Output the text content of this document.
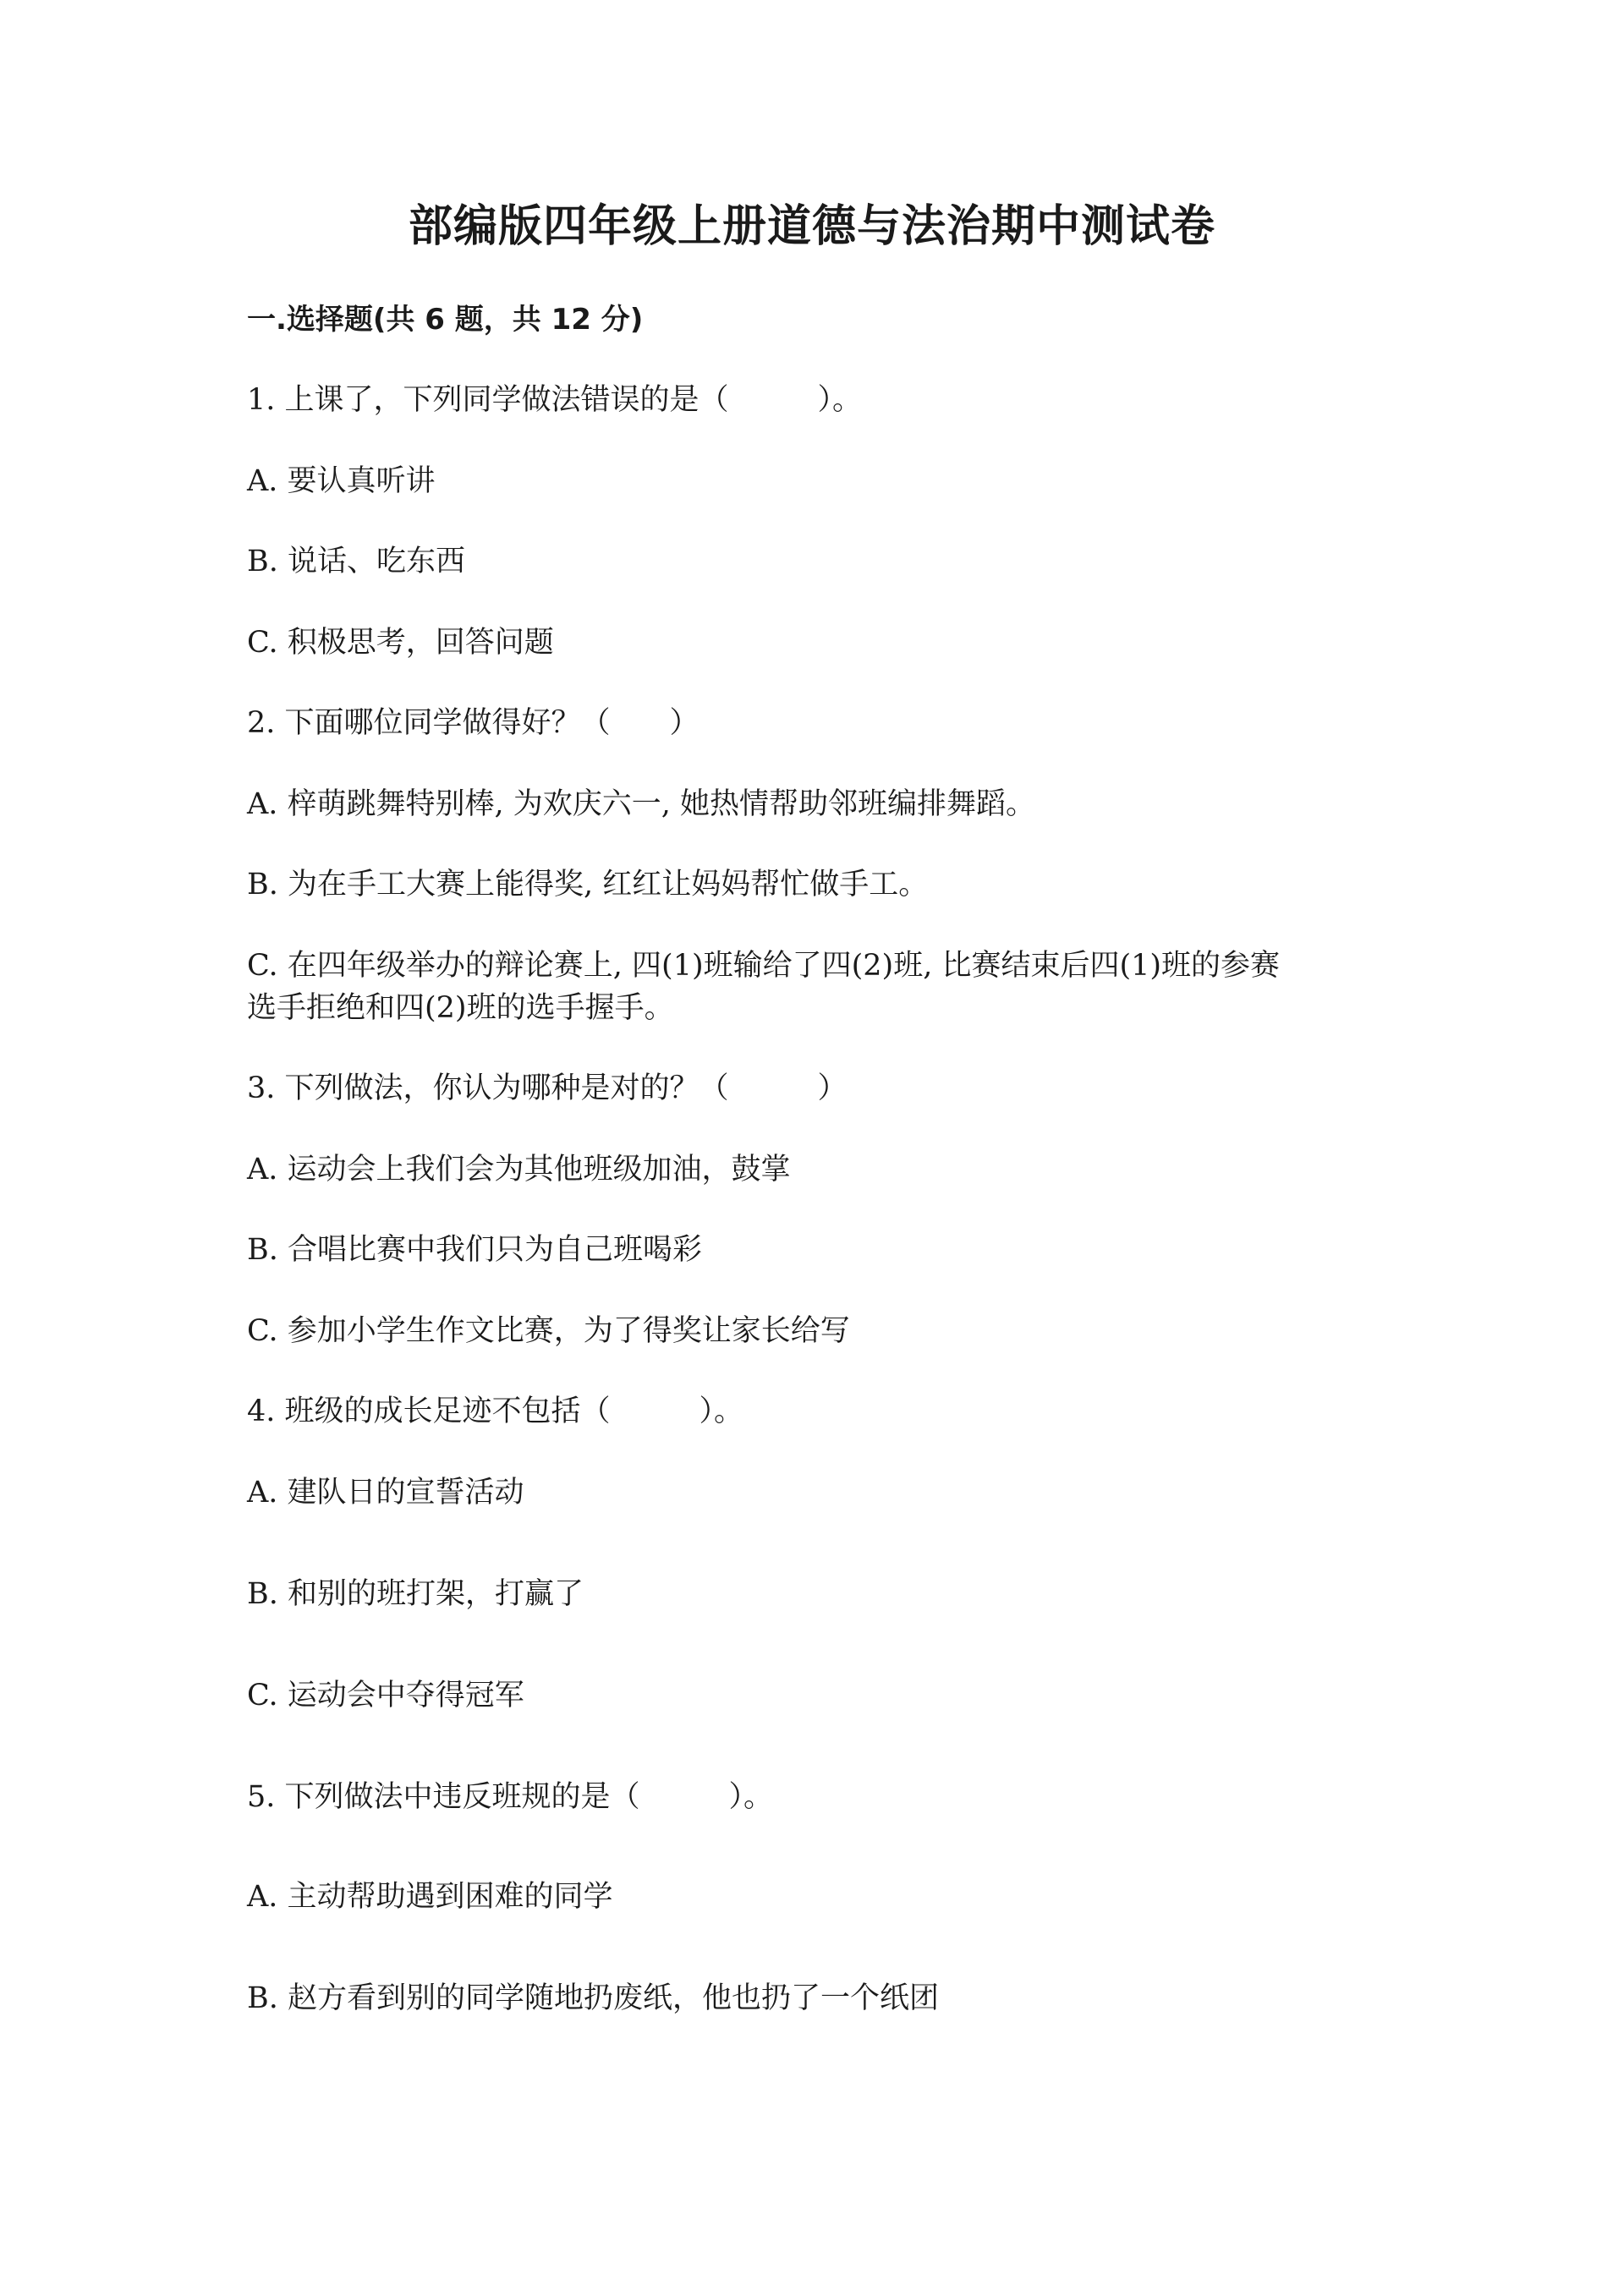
部编版四年级上册道德与法治期中测试卷
一.选择题(共 6 题，共 12 分)
1. 上课了，下列同学做法错误的是（　　　）。
A. 要认真听讲
B. 说话、吃东西
C. 积极思考，回答问题
2. 下面哪位同学做得好？（　　）
A. 梓萌跳舞特别棒, 为欢庆六一, 她热情帮助邻班编排舞蹈。
B. 为在手工大赛上能得奖, 红红让妈妈帮忙做手工。
C. 在四年级举办的辩论赛上, 四(1)班输给了四(2)班, 比赛结束后四(1)班的参赛
选手拒绝和四(2)班的选手握手。
3. 下列做法，你认为哪种是对的？（　　　）
A. 运动会上我们会为其他班级加油，鼓掌
B. 合唱比赛中我们只为自己班喝彩
C. 参加小学生作文比赛，为了得奖让家长给写
4. 班级的成长足迹不包括（　　　）。
A. 建队日的宣誓活动
B. 和别的班打架，打赢了
C. 运动会中夺得冠军
5. 下列做法中违反班规的是（　　　）。
A. 主动帮助遇到困难的同学
B. 赵方看到别的同学随地扔废纸，他也扔了一个纸团
